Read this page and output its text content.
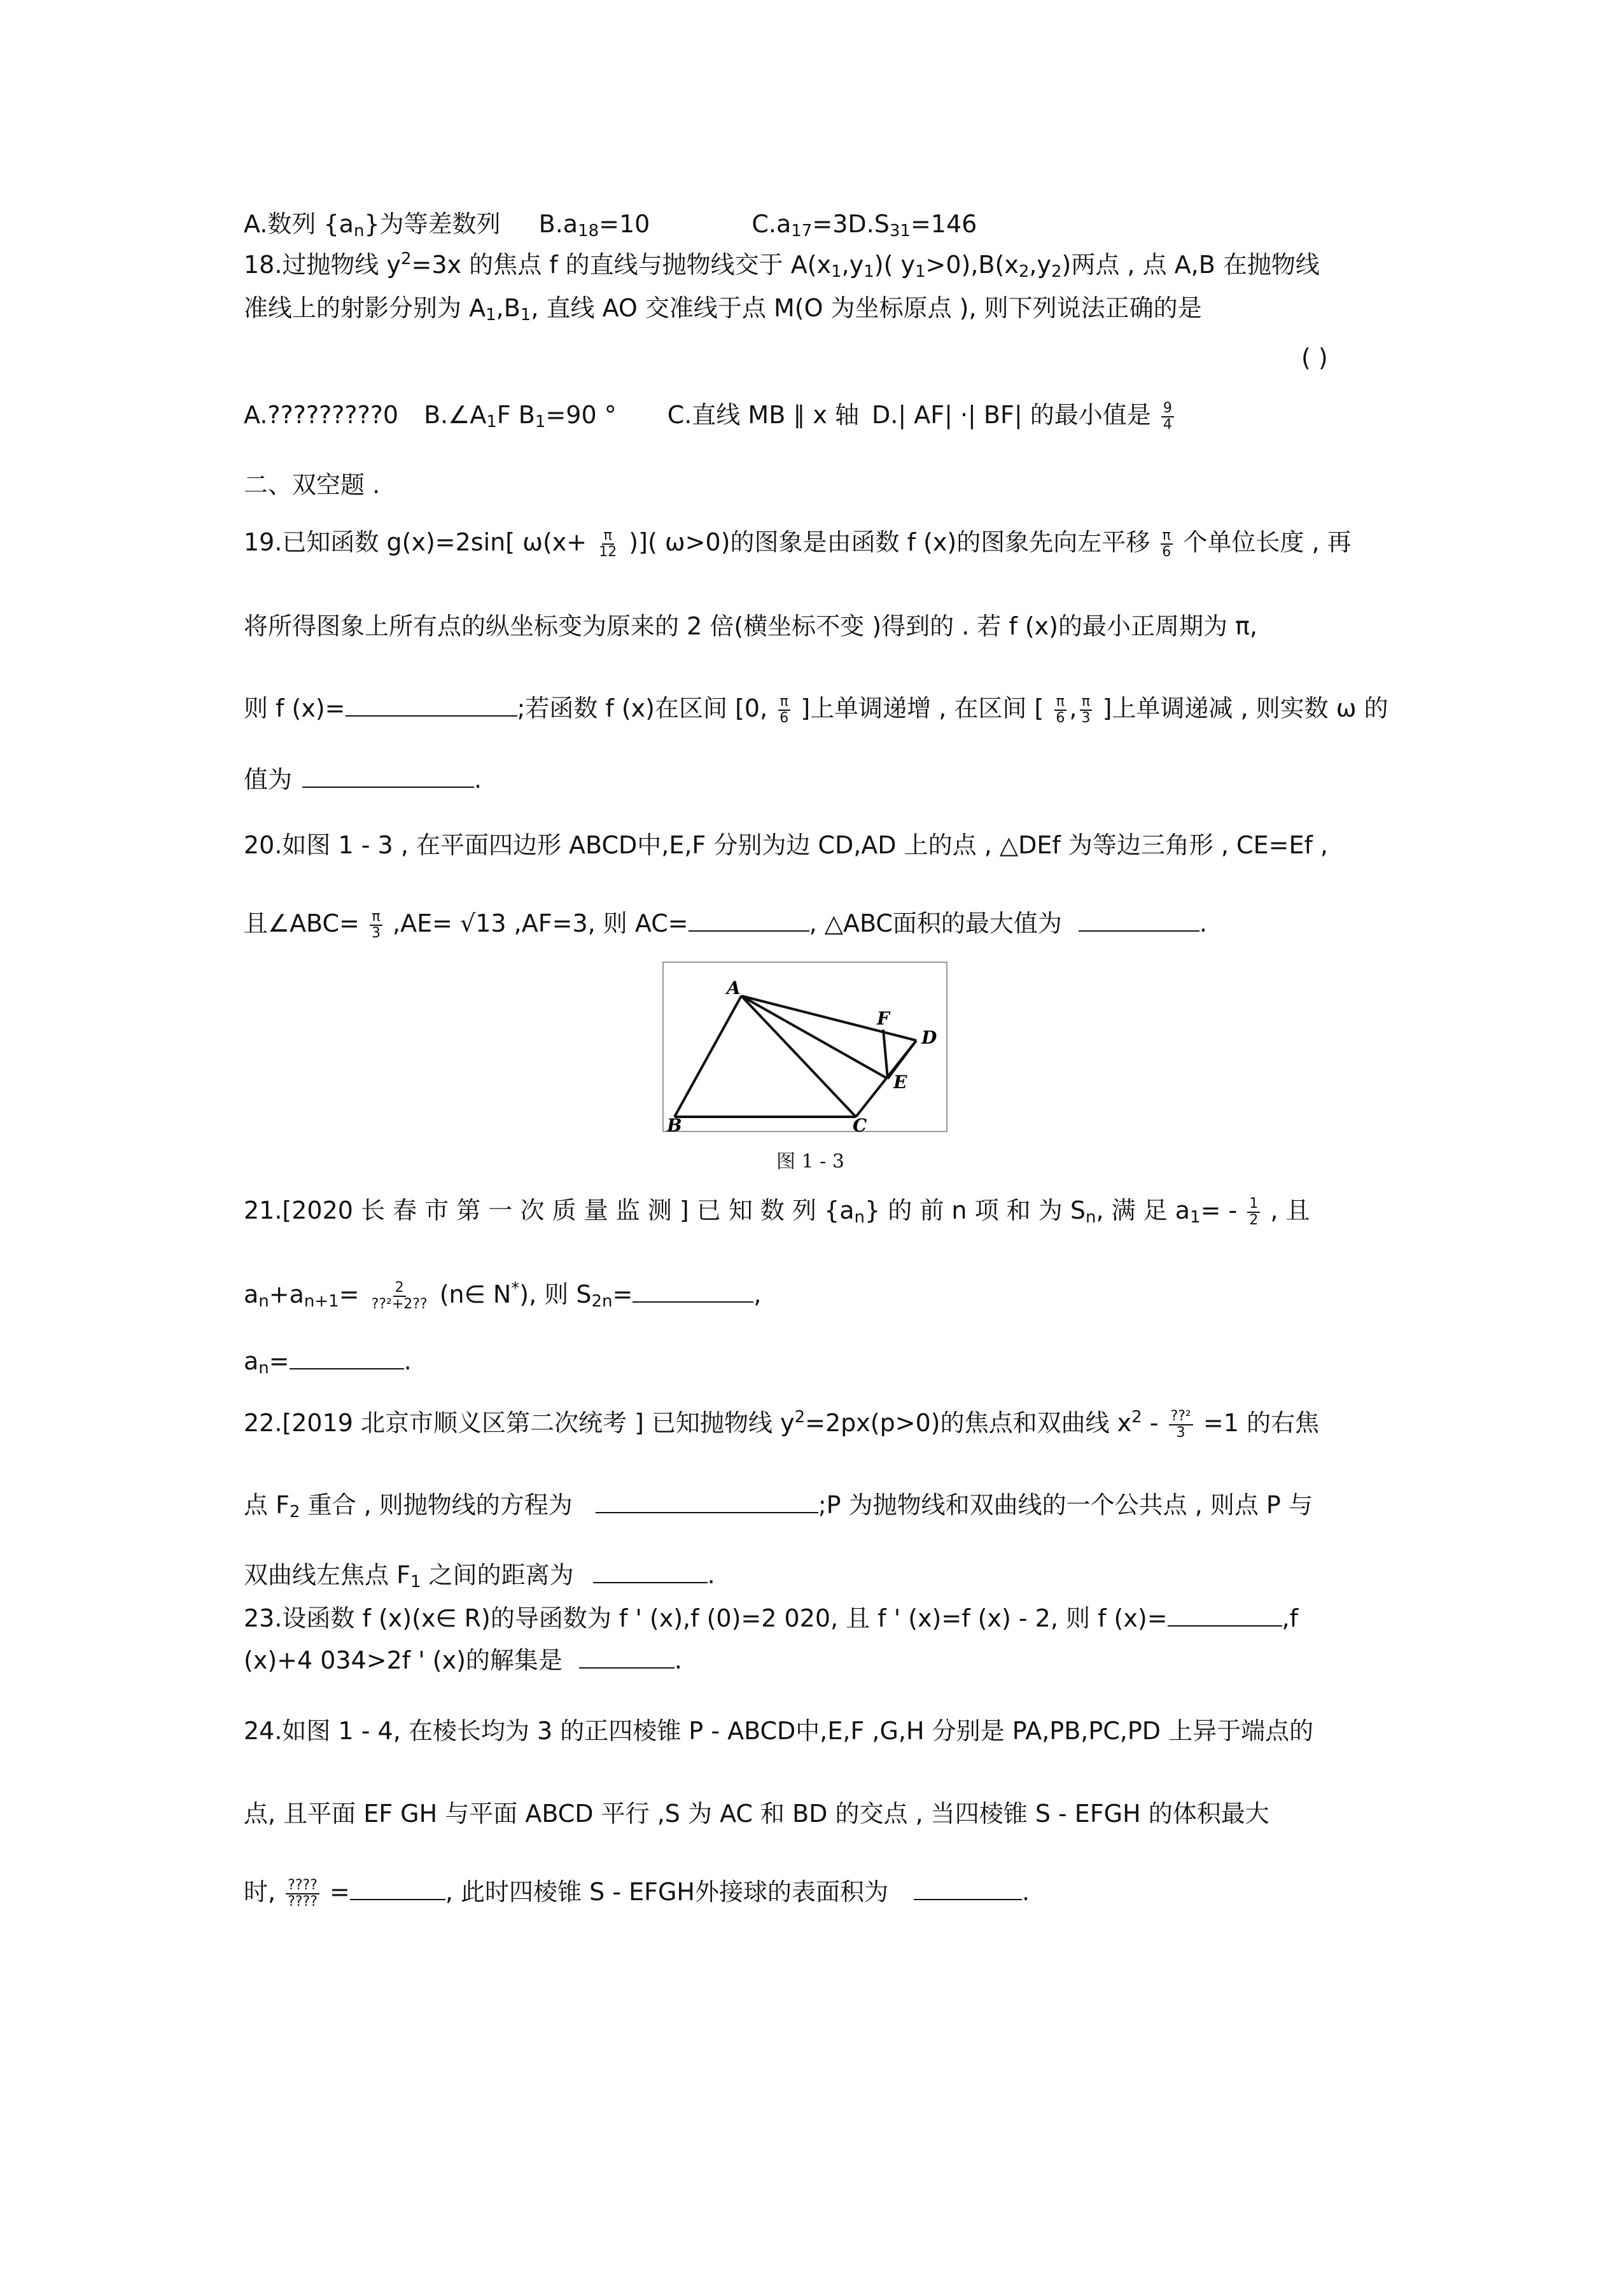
A.数列 $\{a_n\}$为等差数列 $B.a_{18}=10$	$C.a_{17}=3D.S_{31}=146$
18.过抛物线 $y^2=3x$ 的焦点 f 的直线与抛物线交于 $A(x_1,y_1)$( $y_1>0),B(x_2,y_2)$两点 , 点 A,B 在抛物线
准线上的射影分别为 $A_1,B_1$, 直线 AO 交准线于点 M(O 为坐标原点 ), 则下列说法正确的是
( )
A.?????????0 $B.\angle A_1F$ $B_1=90$ ° C.直线 MB ∥ x 轴 D.| AF| ·| BF| 的最小值是 $\frac{9}{4}$
二、双空题 .
19.已知函数 g(x)=2sin[ $\omega(x+ \frac{\pi}{12}$ )]( ω>0)的图象是由函数 f (x)的图象先向左平移 $\frac{\pi}{6}$ 个单位长度 , 再
将所得图象上所有点的纵坐标变为原来的 2 倍(横坐标不变 )得到的 . 若 f (x)的最小正周期为 π,
则 f (x)=	;若函数 f (x)在区间 [0, $\frac{\pi}{6}$ ]上单调递增 , 在区间 [ $\frac{\pi}{6}$ , $\frac{\pi}{3}$ ]上单调递减 , 则实数 ω 的
值为	.
20.如图 1 - 3 , 在平面四边形 ABCD中,E,F 分别为边 CD,AD 上的点 , △DEf 为等边三角形 , CE=Ef ,
且∠ABC= $\frac{\pi}{3} ,AE= √13$ ,AF=3, 则 AC=	, △ABC面积的最大值为	.
A
B	C
D
E
F
图 1 - 3
21.[2020 长 春 市 第 一 次 质 量 监 测 ] 已 知 数 列 $\{a_n\}$ 的 前 n 项 和 为 $S_n$, 满 足 $a_1= - \frac{1}{2}$ , 且
$a_n+a_{n+1}= \frac{2}{\text{??²+2??}}$ (n∈ N*), 则 $S_{2n}=$	,
$a_n=$	.
22.[2019 北京市顺义区第二次统考 ] 已知抛物线 $y^2=2px(p>0)$的焦点和双曲线 $x^2 - \frac{\text{??²}}{3} =1$ 的右焦
点 $F_2$ 重合 , 则抛物线的方程为	;P 为抛物线和双曲线的一个公共点 , 则点 P 与
双曲线左焦点 $F_1$ 之间的距离为	.
23.设函数 f (x)(x∈ R)的导函数为 f ' (x),f (0)=2 020, 且 f ' (x)=f (x) - 2, 则 f (x)=	,f
(x)+4 034>2f ' (x)的解集是	.
24.如图 1 - 4, 在棱长均为 3 的正四棱锥 P - ABCD中,E,F ,G,H 分别是 PA,PB,PC,PD 上异于端点的
点, 且平面 EF GH 与平面 ABCD 平行 ,S 为 AC 和 BD 的交点 , 当四棱锥 S - EFGH 的体积最大
时, $\frac{????}{????}$ =	, 此时四棱锥 S - EFGH外接球的表面积为	.
